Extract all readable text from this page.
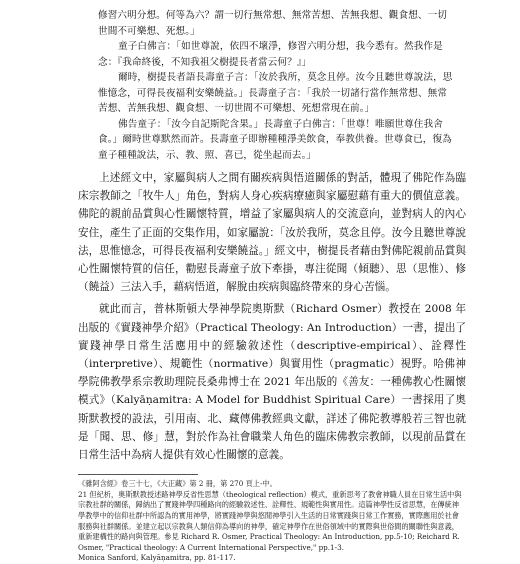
修習六明分想。何等為六？謂一切行無常想、無常苦想、苦無我想、觀食想、一切世間不可樂想、死想。」

童子白佛言：「如世尊說，依四不壞淨，修習六明分想，我今悉有。然我作是念：『我命終後，不知我祖父樹提長者當云何？』」

爾時，樹提長者語長壽童子言：「汝於我所，莫念且停。汝今且聽世尊說法，思惟憶念，可得長夜福利安樂饒益。」長壽童子言：「我於一切諸行當作無常想、無常苦想、苦無我想、觀食想、一切世間不可樂想、死想常現在前。」

佛告童子：「汝今自記斯陀含果。」長壽童子白佛言：「世尊！唯願世尊住我舍食。」爾時世尊默然而許。長壽童子即辦種種淨美飲食，奉教供養。世尊食已，復為童子種種說法，示、教、照、喜已，從坐起而去。」

上述經文中，家屬與病人之間有關疾病與悟道關係的對話，體現了佛陀作為臨床宗教師之「牧牛人」角色，對病人身心疾病療癒與家屬慰藉有重大的價值意義。佛陀的親前品賞與心性關懷特質，增益了家屬與病人的交流意向，並對病人的內心安住，產生了正面的交集作用，如家屬說：「汝於我所，莫念且停。汝今且聽世尊說法，思惟憶念，可得長夜福利安樂饒益。」經文中，樹提長者藉由對佛陀親前品賞與心性關懷特質的信任，勸慰長壽童子放下牽掛，專注從聞（傾聽）、思（思惟）、修（饒益）三法入手，藉病悟道，解脫由疾病與臨終帶來的身心苦惱。

就此而言，普林斯頓大學神學院奧斯默（Richard Osmer）教授在 2008 年出版的《實踐神學介紹》（Practical Theology: An Introduction）一書，提出了實踐神學日常生活應用中的經驗敘述性（descriptive-empirical）、詮釋性（interpretive）、規範性（normative）與實用性（pragmatic）視野。哈佛神學院佛教學系宗教助理院長桑弗博士在 2021 年出版的《善友：一種佛教心性關懷模式》（Kalyāṇamitra: A Model for Buddhist Spiritual Care）一書採用了奧斯默教授的設法，引用南、北、藏傳佛教經典文獻，詳述了佛陀教導般若三智也就是「聞、思、修」慧，對於作為社會職業人角色的臨床佛教宗教師，以現前品賞在日常生活中為病人提供有效心性關懷的意義。

《雜阿含經》卷三十七，《大正藏》第 2 冊，第 270 頁上-中。

21 但紀析，奧斯默教授述路神學反省性思慧（theological reflection）模式，重新思考了教會神職人員在日常生活中與宗教社群的關係，歸納出了實踐神學四種路向的經驗敘述性、詮釋性、規範性與實用性。這篇神學性反省思慧，在傳統神學教學中的信仰社群中所認為的實用神學，將實踐神學與悠閒神學引入生活的日常實踐與日常工作實務，實際應用於社會服務與社群關係。並建立起以宗教與人類信仰為導向的神學，確定神學作在世俗領域中的實際與世俗間的關聯性與意義，重新建構性的路向與管理。參見 Richard R. Osmer, Practical Theology: An Introduction, pp.5-10; Reichard R. Osmer, "Practical theology: A Current International Perspective," pp.1-3.

Monica Sanford, Kalyāṇamitra, pp. 81-117.
